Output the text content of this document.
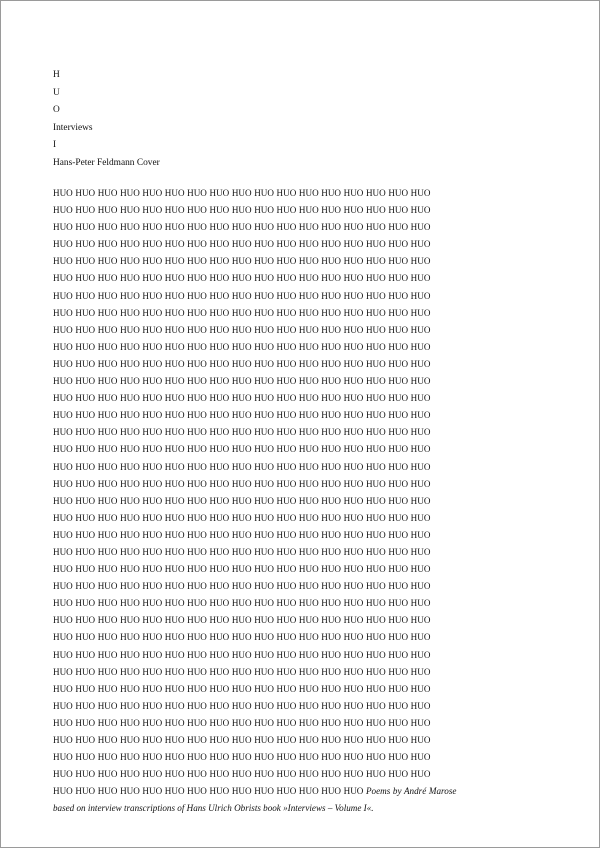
H
U
O
Interviews
I
Hans-Peter Feldmann Cover
HUO HUO HUO HUO HUO HUO HUO HUO HUO HUO HUO HUO HUO HUO HUO HUO HUO
HUO HUO HUO HUO HUO HUO HUO HUO HUO HUO HUO HUO HUO HUO HUO HUO HUO
HUO HUO HUO HUO HUO HUO HUO HUO HUO HUO HUO HUO HUO HUO HUO HUO HUO
HUO HUO HUO HUO HUO HUO HUO HUO HUO HUO HUO HUO HUO HUO HUO HUO HUO
HUO HUO HUO HUO HUO HUO HUO HUO HUO HUO HUO HUO HUO HUO HUO HUO HUO
HUO HUO HUO HUO HUO HUO HUO HUO HUO HUO HUO HUO HUO HUO HUO HUO HUO
HUO HUO HUO HUO HUO HUO HUO HUO HUO HUO HUO HUO HUO HUO HUO HUO HUO
HUO HUO HUO HUO HUO HUO HUO HUO HUO HUO HUO HUO HUO HUO HUO HUO HUO
HUO HUO HUO HUO HUO HUO HUO HUO HUO HUO HUO HUO HUO HUO HUO HUO HUO
HUO HUO HUO HUO HUO HUO HUO HUO HUO HUO HUO HUO HUO HUO HUO HUO HUO
HUO HUO HUO HUO HUO HUO HUO HUO HUO HUO HUO HUO HUO HUO HUO HUO HUO
HUO HUO HUO HUO HUO HUO HUO HUO HUO HUO HUO HUO HUO HUO HUO HUO HUO
HUO HUO HUO HUO HUO HUO HUO HUO HUO HUO HUO HUO HUO HUO HUO HUO HUO
HUO HUO HUO HUO HUO HUO HUO HUO HUO HUO HUO HUO HUO HUO HUO HUO HUO
HUO HUO HUO HUO HUO HUO HUO HUO HUO HUO HUO HUO HUO HUO HUO HUO HUO
HUO HUO HUO HUO HUO HUO HUO HUO HUO HUO HUO HUO HUO HUO HUO HUO HUO
HUO HUO HUO HUO HUO HUO HUO HUO HUO HUO HUO HUO HUO HUO HUO HUO HUO
HUO HUO HUO HUO HUO HUO HUO HUO HUO HUO HUO HUO HUO HUO HUO HUO HUO
HUO HUO HUO HUO HUO HUO HUO HUO HUO HUO HUO HUO HUO HUO HUO HUO HUO
HUO HUO HUO HUO HUO HUO HUO HUO HUO HUO HUO HUO HUO HUO HUO HUO HUO
HUO HUO HUO HUO HUO HUO HUO HUO HUO HUO HUO HUO HUO HUO HUO HUO HUO
HUO HUO HUO HUO HUO HUO HUO HUO HUO HUO HUO HUO HUO HUO HUO HUO HUO
HUO HUO HUO HUO HUO HUO HUO HUO HUO HUO HUO HUO HUO HUO HUO HUO HUO
HUO HUO HUO HUO HUO HUO HUO HUO HUO HUO HUO HUO HUO HUO HUO HUO HUO
HUO HUO HUO HUO HUO HUO HUO HUO HUO HUO HUO HUO HUO HUO HUO HUO HUO
HUO HUO HUO HUO HUO HUO HUO HUO HUO HUO HUO HUO HUO HUO HUO HUO HUO
HUO HUO HUO HUO HUO HUO HUO HUO HUO HUO HUO HUO HUO HUO HUO HUO HUO
HUO HUO HUO HUO HUO HUO HUO HUO HUO HUO HUO HUO HUO HUO HUO HUO HUO
HUO HUO HUO HUO HUO HUO HUO HUO HUO HUO HUO HUO HUO HUO HUO HUO HUO
HUO HUO HUO HUO HUO HUO HUO HUO HUO HUO HUO HUO HUO HUO HUO HUO HUO
HUO HUO HUO HUO HUO HUO HUO HUO HUO HUO HUO HUO HUO HUO HUO HUO HUO
HUO HUO HUO HUO HUO HUO HUO HUO HUO HUO HUO HUO HUO HUO HUO HUO HUO
HUO HUO HUO HUO HUO HUO HUO HUO HUO HUO HUO HUO HUO HUO HUO HUO HUO
HUO HUO HUO HUO HUO HUO HUO HUO HUO HUO HUO HUO HUO HUO HUO HUO HUO
HUO HUO HUO HUO HUO HUO HUO HUO HUO HUO HUO HUO HUO HUO HUO HUO HUO
HUO HUO HUO HUO HUO HUO HUO HUO HUO HUO HUO HUO HUO HUO Poems by André Marose
based on interview transcriptions of Hans Ulrich Obrists book »Interviews – Volume I«.
